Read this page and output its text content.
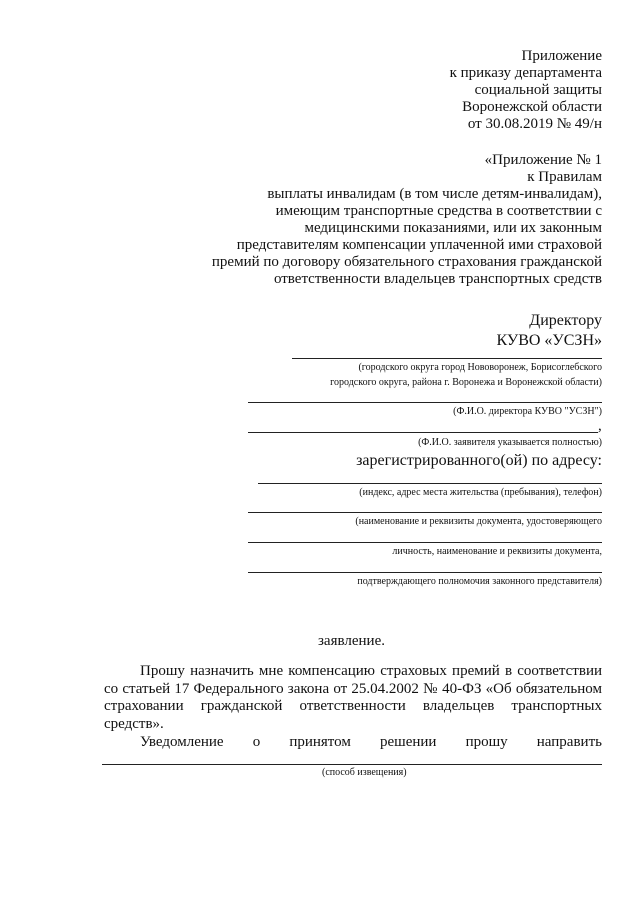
Приложение
к приказу департамента
социальной защиты
Воронежской области
от 30.08.2019 № 49/н
«Приложение № 1
к Правилам
выплаты инвалидам (в том числе детям-инвалидам),
имеющим транспортные средства в соответствии с
медицинскими показаниями, или их законным
представителям компенсации уплаченной ими страховой
премий по договору обязательного страхования гражданской
ответственности владельцев транспортных средств
Директору
КУВО «УСЗН»
(городского округа город Нововоронеж, Борисоглебского
городского округа, района г. Воронежа и Воронежской области)
(Ф.И.О. директора КУВО "УСЗН")
,
(Ф.И.О. заявителя указывается полностью)
зарегистрированного(ой) по адресу:
(индекс, адрес места жительства (пребывания), телефон)
(наименование и реквизиты документа, удостоверяющего
личность, наименование и реквизиты документа,
подтверждающего полномочия законного представителя)
заявление.
Прошу назначить мне компенсацию страховых премий в соответствии со статьей 17 Федерального закона от 25.04.2002 № 40-ФЗ «Об обязательном страховании гражданской ответственности владельцев транспортных средств».
Уведомление о принятом решении прошу направить
(способ извещения)
